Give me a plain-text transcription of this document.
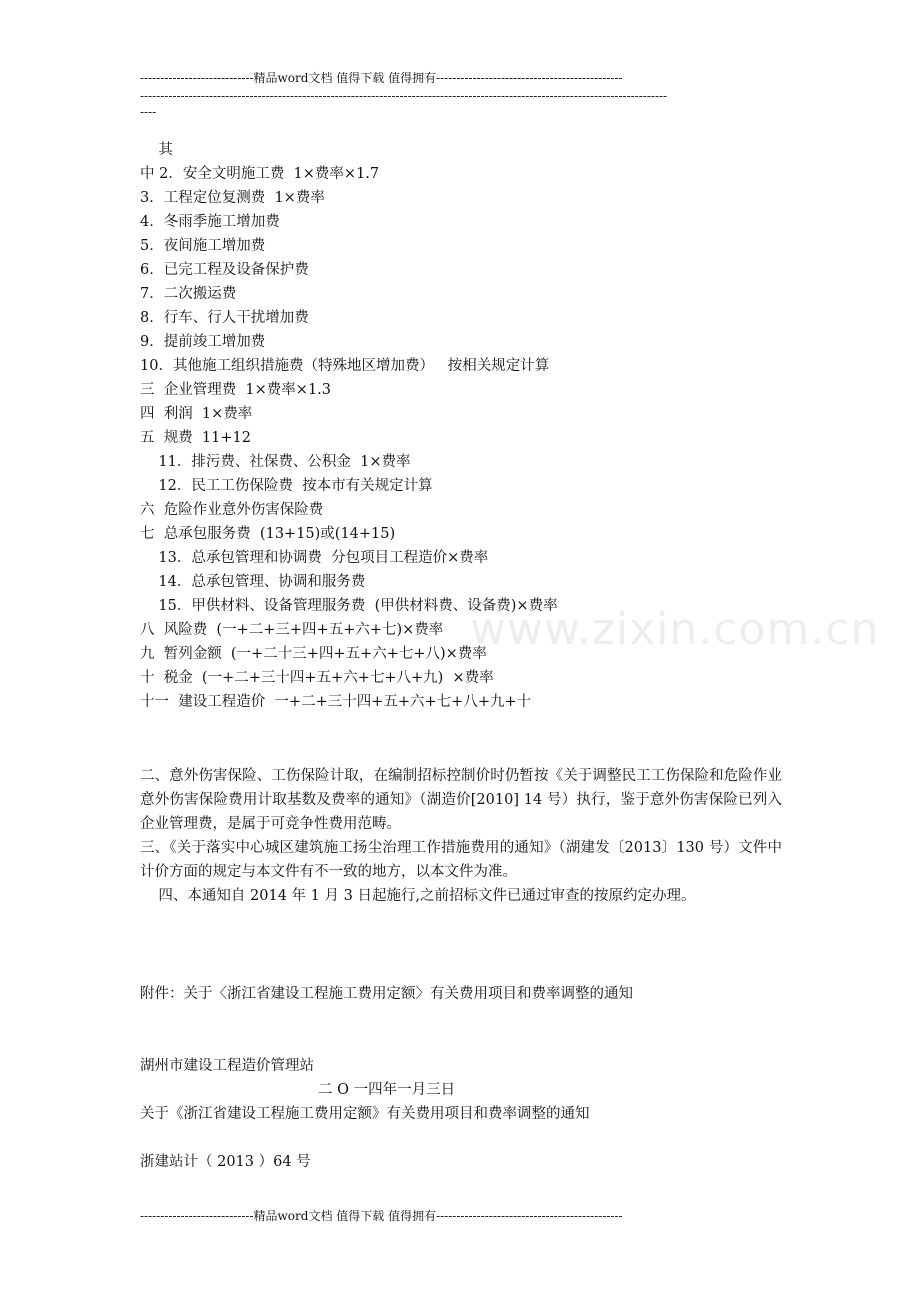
----------------------------精品word文档 值得下载 值得拥有----------------------------------------------
----------------------------------------------------------------------------------------------------------------------------------
----
其
中 2．安全文明施工费  1×费率×1.7
3．工程定位复测费  1×费率
4．冬雨季施工增加费
5．夜间施工增加费
6．已完工程及设备保护费
7．二次搬运费
8．行车、行人干扰增加费
9．提前竣工增加费
10．其他施工组织措施费（特殊地区增加费）   按相关规定计算
三  企业管理费  1×费率×1.3
四  利润  1×费率
五  规费  11+12
11．排污费、社保费、公积金  1×费率
12．民工工伤保险费  按本市有关规定计算
六  危险作业意外伤害保险费
七  总承包服务费  (13+15)或(14+15)
13．总承包管理和协调费  分包项目工程造价×费率
14．总承包管理、协调和服务费
15．甲供材料、设备管理服务费  (甲供材料费、设备费)×费率
八  风险费  (一+二+三+四+五+六+七)×费率
九  暂列金额  (一+二十三+四+五+六+七+八)×费率
十  税金  (一+二+三十四+五+六+七+八+九)  ×费率
十一  建设工程造价  一+二+三十四+五+六+七+八+九+十
二、意外伤害保险、工伤保险计取，在编制招标控制价时仍暂按《关于调整民工工伤保险和危险作业意外伤害保险费用计取基数及费率的通知》（湖造价[2010] 14 号）执行，鉴于意外伤害保险已列入企业管理费，是属于可竞争性费用范畴。
三、《关于落实中心城区建筑施工扬尘治理工作措施费用的通知》（湖建发〔2013〕130 号）文件中计价方面的规定与本文件有不一致的地方，以本文件为准。
四、本通知自 2014 年 1 月 3 日起施行,之前招标文件已通过审查的按原约定办理。
附件：关于〈浙江省建设工程施工费用定额〉有关费用项目和费率调整的通知
湖州市建设工程造价管理站
二 O 一四年一月三日
关于《浙江省建设工程施工费用定额》有关费用项目和费率调整的通知
浙建站计（ 2013 ）64 号
----------------------------精品word文档 值得下载 值得拥有----------------------------------------------
www.zixin.com.cn
